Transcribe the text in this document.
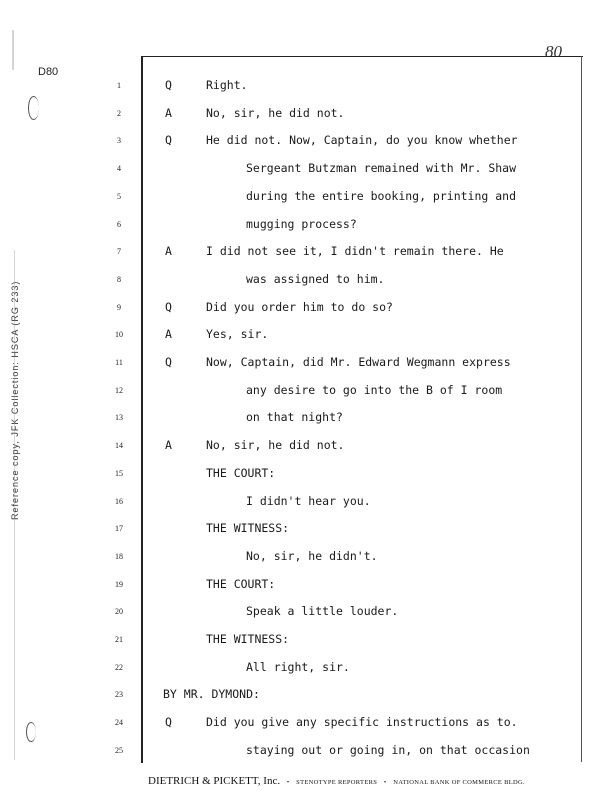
80
D80
Reference copy, JFK Collection: HSCA (RG 233)
1	Q	Right.
2	A	No, sir, he did not.
3	Q	He did not. Now, Captain, do you know whether
4	Sergeant Butzman remained with Mr. Shaw
5	during the entire booking, printing and
6	mugging process?
7	A	I did not see it, I didn't remain there. He
8	was assigned to him.
9	Q	Did you order him to do so?
10	A	Yes, sir.
11	Q	Now, Captain, did Mr. Edward Wegmann express
12	any desire to go into the B of I room
13	on that night?
14	A	No, sir, he did not.
15	THE COURT:
16	I didn't hear you.
17	THE WITNESS:
18	No, sir, he didn't.
19	THE COURT:
20	Speak a little louder.
21	THE WITNESS:
22	All right, sir.
23	BY MR. DYMOND:
24	Q	Did you give any specific instructions as to.
25	staying out or going in, on that occasion
DIETRICH & PICKETT, Inc. • STENOTYPE REPORTERS • NATIONAL BANK OF COMMERCE BLDG.
